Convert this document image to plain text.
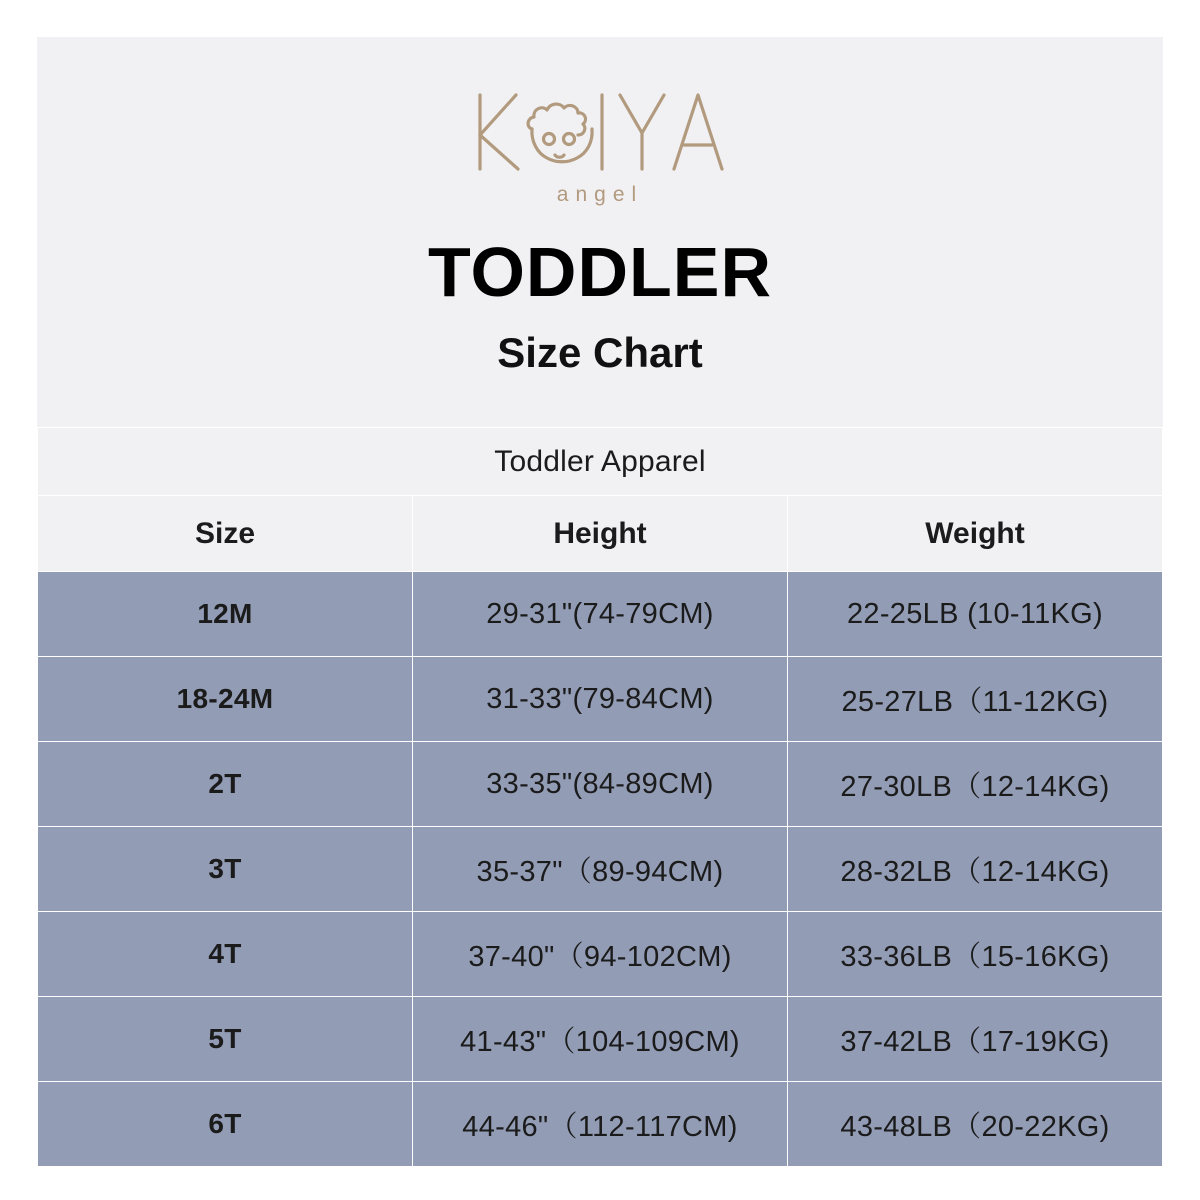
angel
TODDLER
Size Chart
Toddler Apparel		
Size	Height	Weight
12M	29-31"(74-79CM)	22-25LB (10-11KG)
18-24M	31-33"(79-84CM)	25-27LB（11-12KG)
2T	33-35"(84-89CM)	27-30LB（12-14KG)
3T	35-37"（89-94CM)	28-32LB（12-14KG)
4T	37-40"（94-102CM)	33-36LB（15-16KG)
5T	41-43"（104-109CM)	37-42LB（17-19KG)
6T	44-46"（112-117CM)	43-48LB（20-22KG)
